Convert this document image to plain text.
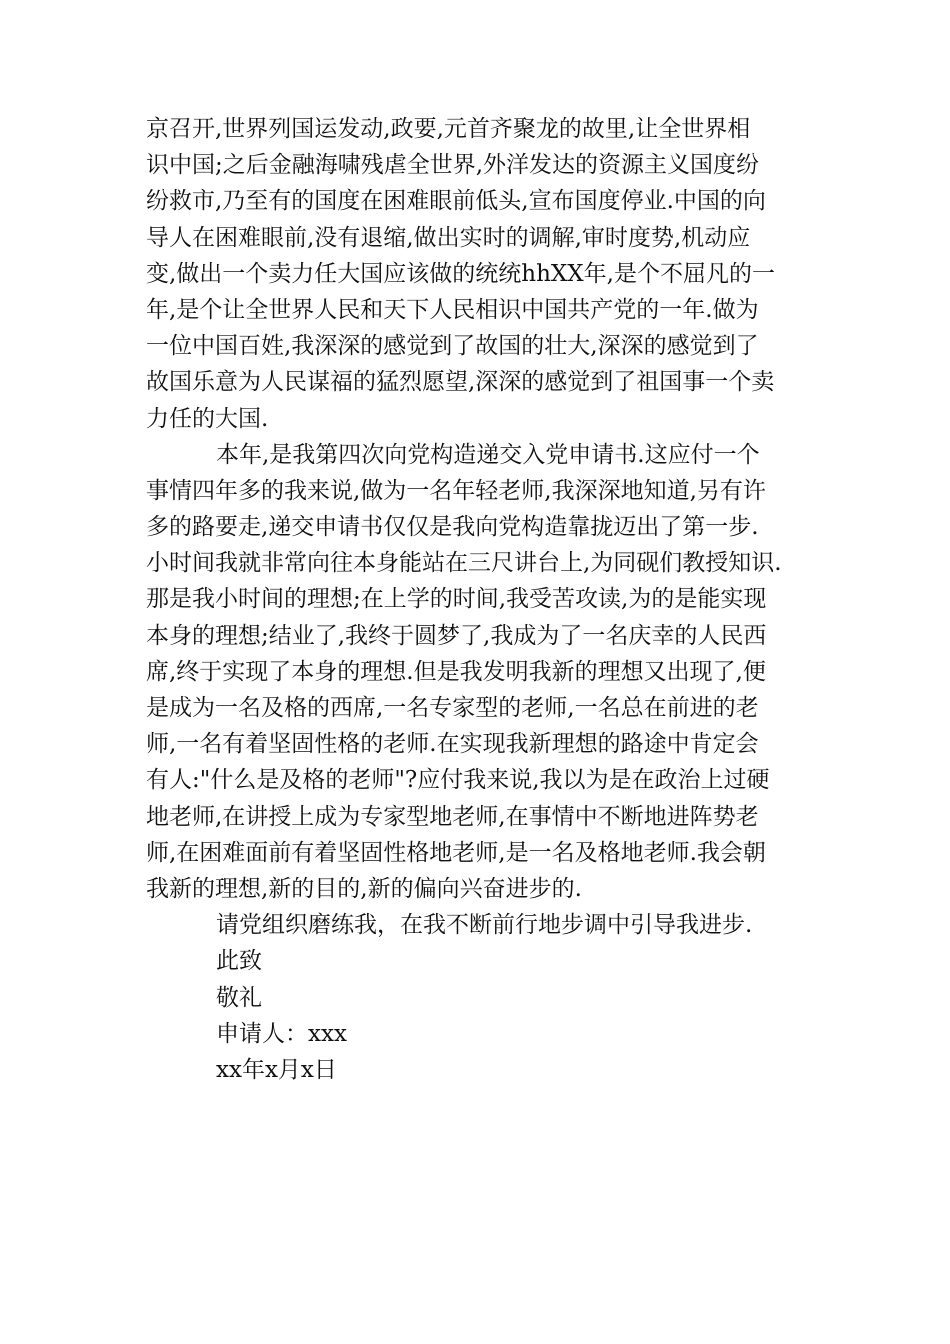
京召开,世界列国运发动,政要,元首齐聚龙的故里,让全世界相
识中国;之后金融海啸残虐全世界,外洋发达的资源主义国度纷
纷救市,乃至有的国度在困难眼前低头,宣布国度停业.中国的向
导人在困难眼前,没有退缩,做出实时的调解,审时度势,机动应
变,做出一个卖力任大国应该做的统统hhXX年,是个不屈凡的一
年,是个让全世界人民和天下人民相识中国共产党的一年.做为
一位中国百姓,我深深的感觉到了故国的壮大,深深的感觉到了
故国乐意为人民谋福的猛烈愿望,深深的感觉到了祖国事一个卖
力任的大国.
本年,是我第四次向党构造递交入党申请书.这应付一个
事情四年多的我来说,做为一名年轻老师,我深深地知道,另有许
多的路要走,递交申请书仅仅是我向党构造靠拢迈出了第一步.
小时间我就非常向往本身能站在三尺讲台上,为同砚们教授知识.
那是我小时间的理想;在上学的时间,我受苦攻读,为的是能实现
本身的理想;结业了,我终于圆梦了,我成为了一名庆幸的人民西
席,终于实现了本身的理想.但是我发明我新的理想又出现了,便
是成为一名及格的西席,一名专家型的老师,一名总在前进的老
师,一名有着坚固性格的老师.在实现我新理想的路途中肯定会
有人:"什么是及格的老师"?应付我来说,我以为是在政治上过硬
地老师,在讲授上成为专家型地老师,在事情中不断地进阵势老
师,在困难面前有着坚固性格地老师,是一名及格地老师.我会朝
我新的理想,新的目的,新的偏向兴奋进步的.
请党组织磨练我，在我不断前行地步调中引导我进步.
此致
敬礼
申请人：xxx
xx年x月x日
